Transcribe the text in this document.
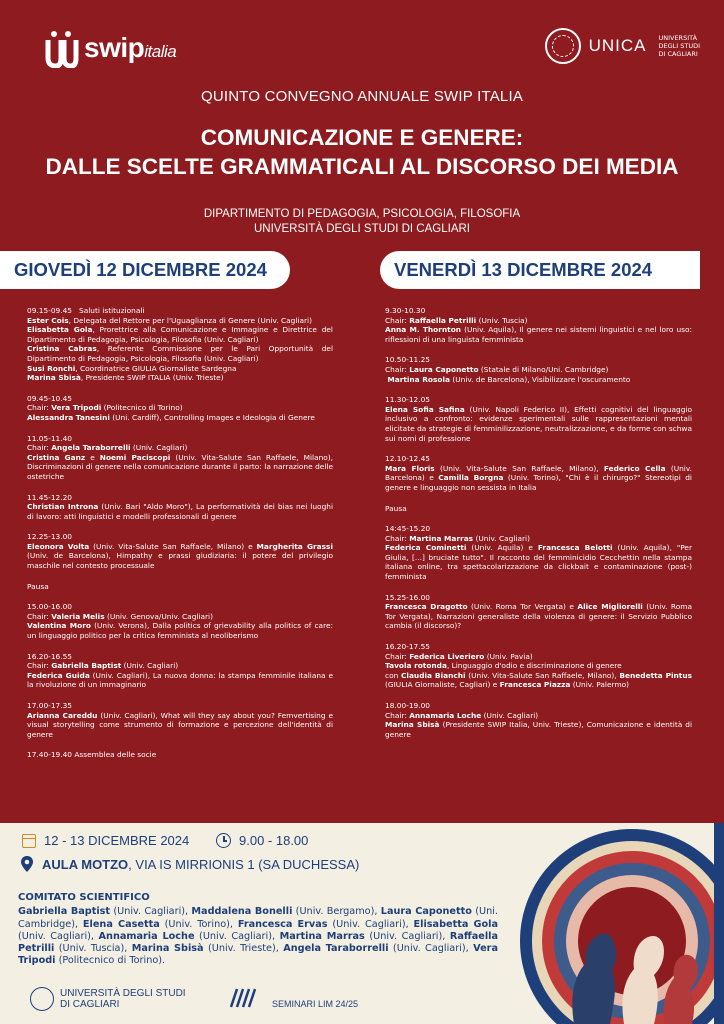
swipitalia	UNICA UNIVERSITÀ
DEGLI STUDI
DI CAGLIARI
QUINTO CONVEGNO ANNUALE SWIP ITALIA
COMUNICAZIONE E GENERE:
DALLE SCELTE GRAMMATICALI AL DISCORSO DEI MEDIA
DIPARTIMENTO DI PEDAGOGIA, PSICOLOGIA, FILOSOFIA
UNIVERSITÀ DEGLI STUDI DI CAGLIARI
GIOVEDÌ 12 DICEMBRE 2024	VENERDÌ 13 DICEMBRE 2024

09.15-09.45   Saluti istituzionali
Ester Cois, Delegata del Rettore per l'Uguaglianza di Genere (Univ. Cagliari)
Elisabetta Gola, Prorettrice alla Comunicazione e Immagine e Direttrice del Dipartimento di Pedagogia, Psicologia, Filosofia (Univ. Cagliari)
Cristina Cabras, Referente Commissione per le Pari Opportunità del Dipartimento di Pedagogia, Psicologia, Filosofia (Univ. Cagliari)
Susi Ronchi, Coordinatrice GIULIA Giornaliste Sardegna
Marina Sbisà, Presidente SWIP ITALIA (Univ. Trieste)

09.45-10.45
Chair: Vera Tripodi (Politecnico di Torino)
Alessandra Tanesini (Uni. Cardiff), Controlling Images e Ideologia di Genere

11.05-11.40
Chair: Angela Taraborrelli (Univ. Cagliari)
Cristina Ganz e Noemi Paciscopi (Univ. Vita-Salute San Raffaele, Milano), Discriminazioni di genere nella comunicazione durante il parto: la narrazione delle ostetriche

11.45-12.20
Christian Introna (Univ. Bari "Aldo Moro"), La performatività dei bias nei luoghi di lavoro: atti linguistici e modelli professionali di genere

12.25-13.00
Eleonora Volta (Univ. Vita-Salute San Raffaele, Milano) e Margherita Grassi (Univ. de Barcelona), Himpathy e prassi giudiziaria: il potere del privilegio maschile nel contesto processuale

Pausa

15.00-16.00
Chair: Valeria Melis (Univ. Genova/Univ. Cagliari)
Valentina Moro (Univ. Verona), Dalla politics of grievability alla politics of care: un linguaggio politico per la critica femminista al neoliberismo

16.20-16.55
Chair: Gabriella Baptist (Univ. Cagliari)
Federica Guida (Univ. Cagliari), La nuova donna: la stampa femminile italiana e la rivoluzione di un immaginario

17.00-17.35
Arianna Careddu (Univ. Cagliari), What will they say about you? Femvertising e visual storytelling come strumento di formazione e percezione dell'identità di genere

17.40-19.40 Assemblea delle socie

9.30-10.30
Chair: Raffaella Petrilli (Univ. Tuscia)
Anna M. Thornton (Univ. Aquila), Il genere nei sistemi linguistici e nel loro uso: riflessioni di una linguista femminista

10.50-11.25
Chair: Laura Caponetto (Statale di Milano/Uni. Cambridge)
Martina Rosola (Univ. de Barcelona), Visibilizzare l'oscuramento

11.30-12.05
Elena Sofia Safina (Univ. Napoli Federico II), Effetti cognitivi del linguaggio inclusivo a confronto: evidenze sperimentali sulle rappresentazioni mentali elicitate da strategie di femminilizzazione, neutralizzazione, e da forme con schwa sui nomi di professione

12.10-12.45
Mara Floris (Univ. Vita-Salute San Raffaele, Milano), Federico Cella (Univ. Barcelona) e Camilla Borgna (Univ. Torino), "Chi è il chirurgo?" Stereotipi di genere e linguaggio non sessista in Italia

Pausa

14:45-15.20
Chair: Martina Marras (Univ. Cagliari)
Federica Cominetti (Univ. Aquila) e Francesca Belotti (Univ. Aquila), "Per Giulia, [...] bruciate tutto". Il racconto del femminicidio Cecchettin nella stampa italiana online, tra spettacolarizzazione da clickbait e contaminazione (post-) femminista

15.25-16.00
Francesca Dragotto (Univ. Roma Tor Vergata) e Alice Migliorelli (Univ. Roma Tor Vergata), Narrazioni generaliste della violenza di genere: il Servizio Pubblico cambia (il discorso)?

16.20-17.55
Chair: Federica Liveriero (Univ. Pavia)
Tavola rotonda, Linguaggio d'odio e discriminazione di genere
con Claudia Bianchi (Univ. Vita-Salute San Raffaele, Milano), Benedetta Pintus (GIULIA Giornaliste, Cagliari) e Francesca Piazza (Univ. Palermo)

18.00-19.00
Chair: Annamaria Loche (Univ. Cagliari)
Marina Sbisà (Presidente SWIP Italia, Univ. Trieste), Comunicazione e identità di genere

12 - 13 DICEMBRE 2024	9.00 - 18.00
AULA MOTZO, VIA IS MIRRIONIS 1 (SA DUCHESSA)
COMITATO SCIENTIFICO
Gabriella Baptist (Univ. Cagliari), Maddalena Bonelli (Univ. Bergamo), Laura Caponetto (Uni. Cambridge), Elena Casetta (Univ. Torino), Francesca Ervas (Univ. Cagliari), Elisabetta Gola (Univ. Cagliari), Annamaria Loche (Univ. Cagliari), Martina Marras (Univ. Cagliari), Raffaella Petrilli (Univ. Tuscia), Marina Sbisà (Univ. Trieste), Angela Taraborrelli (Univ. Cagliari), Vera Tripodi (Politecnico di Torino).
UNIVERSITÀ DEGLI STUDI
DI CAGLIARI	SEMINARI LIM 24/25
